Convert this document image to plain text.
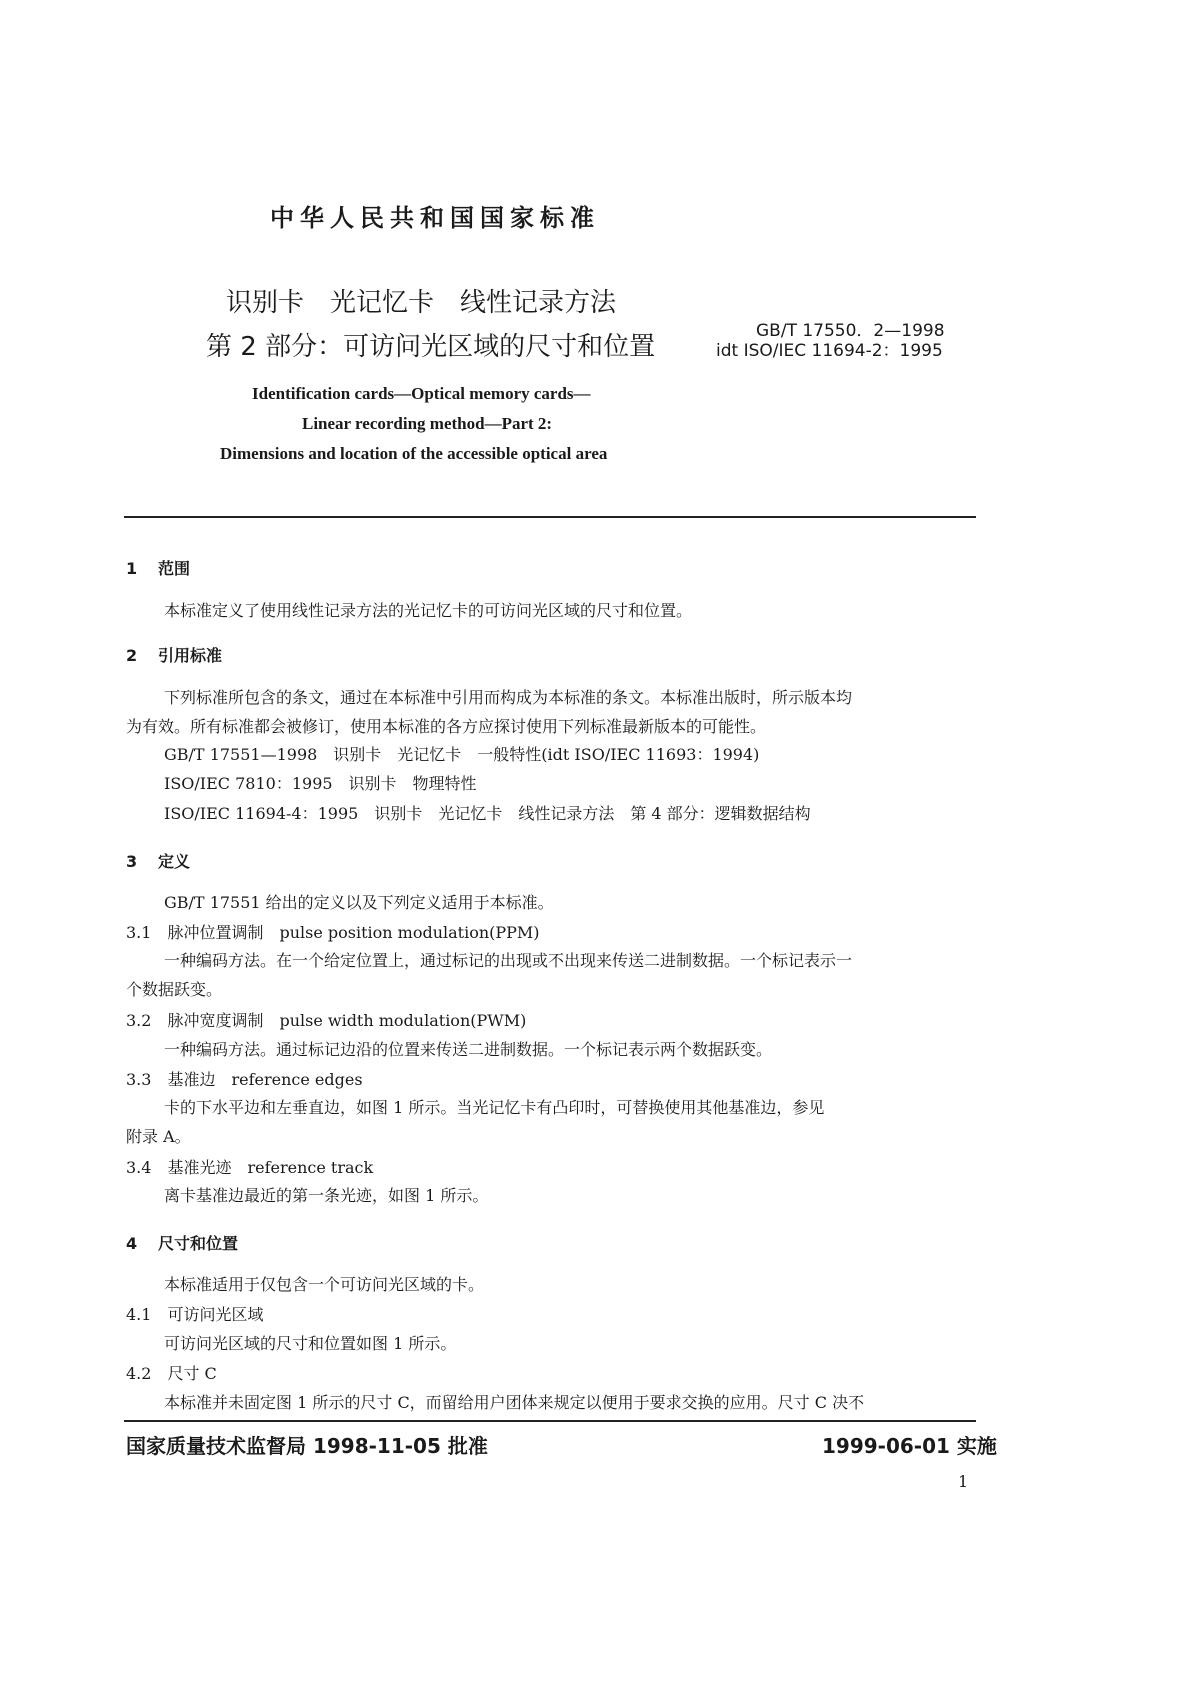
中华人民共和国国家标准
识别卡　光记忆卡　线性记录方法
第 2 部分：可访问光区域的尺寸和位置
GB/T 17550．2—1998
idt ISO/IEC 11694-2：1995
Identification cards—Optical memory cards—
Linear recording method—Part 2:
Dimensions and location of the accessible optical area
1 范围
本标准定义了使用线性记录方法的光记忆卡的可访问光区域的尺寸和位置。
2 引用标准
下列标准所包含的条文，通过在本标准中引用而构成为本标准的条文。本标准出版时，所示版本均
为有效。所有标准都会被修订，使用本标准的各方应探讨使用下列标准最新版本的可能性。
GB/T 17551—1998　识别卡　光记忆卡　一般特性(idt ISO/IEC 11693：1994)
ISO/IEC 7810：1995　识别卡　物理特性
ISO/IEC 11694-4：1995　识别卡　光记忆卡　线性记录方法　第 4 部分：逻辑数据结构
3 定义
GB/T 17551 给出的定义以及下列定义适用于本标准。
3.1　脉冲位置调制　pulse position modulation(PPM)
一种编码方法。在一个给定位置上，通过标记的出现或不出现来传送二进制数据。一个标记表示一
个数据跃变。
3.2　脉冲宽度调制　pulse width modulation(PWM)
一种编码方法。通过标记边沿的位置来传送二进制数据。一个标记表示两个数据跃变。
3.3　基准边　reference edges
卡的下水平边和左垂直边，如图 1 所示。当光记忆卡有凸印时，可替换使用其他基准边，参见
附录 A。
3.4　基准光迹　reference track
离卡基准边最近的第一条光迹，如图 1 所示。
4 尺寸和位置
本标准适用于仅包含一个可访问光区域的卡。
4.1　可访问光区域
可访问光区域的尺寸和位置如图 1 所示。
4.2　尺寸 C
本标准并未固定图 1 所示的尺寸 C，而留给用户团体来规定以便用于要求交换的应用。尺寸 C 决不
国家质量技术监督局 1998-11-05 批准	1999-06-01 实施
1
